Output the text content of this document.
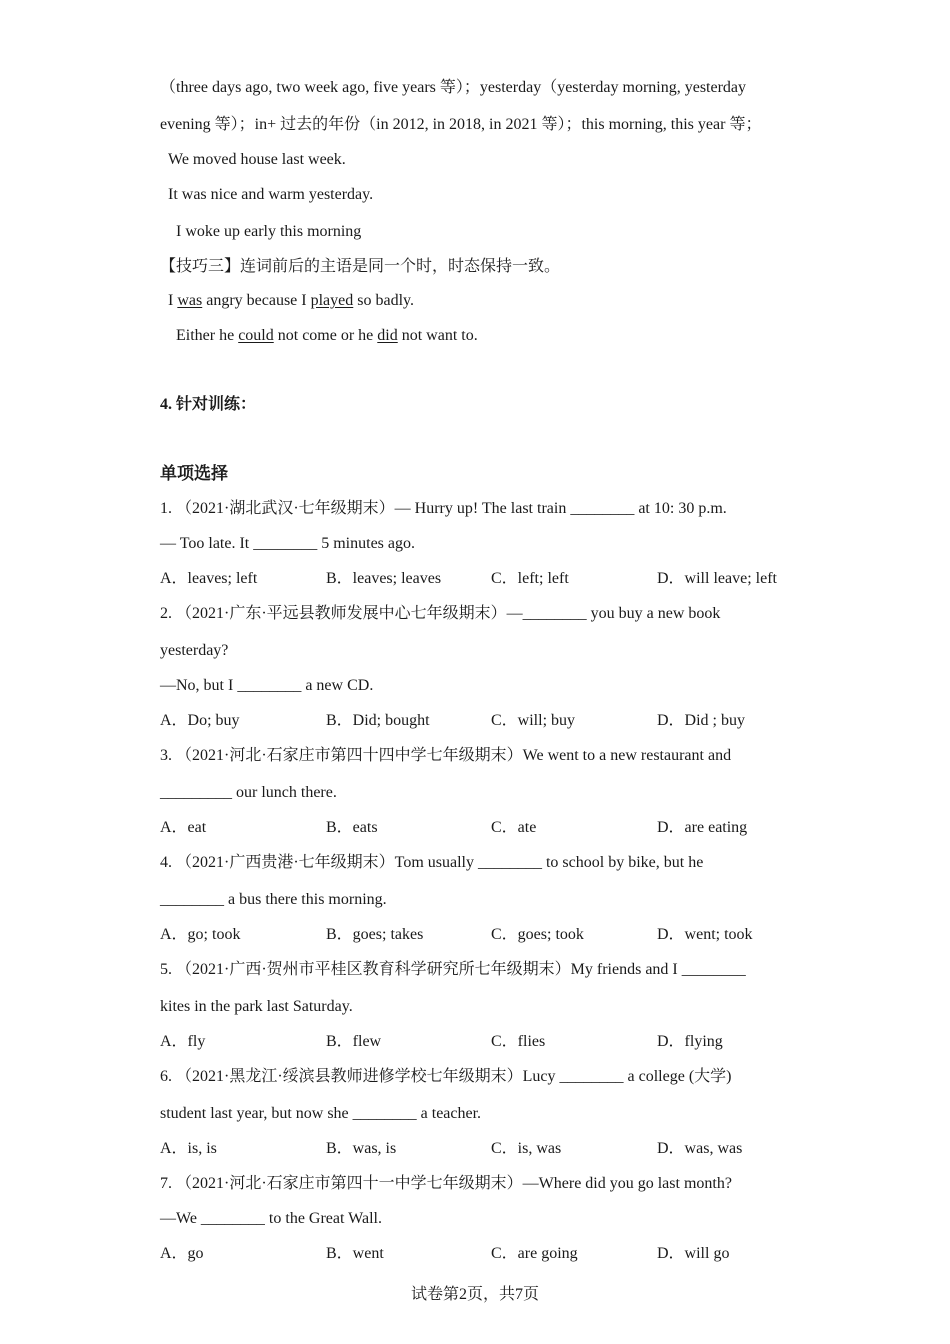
（three days ago, two week ago, five years 等）；yesterday（yesterday morning, yesterday
evening 等）；in+ 过去的年份（in 2012, in 2018, in 2021 等）；this morning, this year 等；
We moved house last week.
It was nice and warm yesterday.
I woke up early this morning
【技巧三】连词前后的主语是同一个时，时态保持一致。
I was angry because I played so badly.
Either he could not come or he did not want to.
4. 针对训练：
单项选择
1. （2021·湖北武汉·七年级期末）— Hurry up! The last train ________ at 10: 30 p.m.
— Too late. It ________ 5 minutes ago.
A．leaves; left	B．leaves; leaves	C．left; left	D．will leave; left
2. （2021·广东·平远县教师发展中心七年级期末）—________ you buy a new book
yesterday?
—No, but I ________ a new CD.
A．Do; buy	B．Did; bought	C．will; buy	D．Did ; buy
3. （2021·河北·石家庄市第四十四中学七年级期末）We went to a new restaurant and
_________ our lunch there.
A．eat	B．eats	C．ate	D．are eating
4. （2021·广西贵港·七年级期末）Tom usually ________ to school by bike, but he
________ a bus there this morning.
A．go; took	B．goes; takes	C．goes; took	D．went; took
5. （2021·广西·贺州市平桂区教育科学研究所七年级期末）My friends and I ________
kites in the park last Saturday.
A．fly	B．flew	C．flies	D．flying
6. （2021·黑龙江·绥滨县教师进修学校七年级期末）Lucy ________ a college (大学)
student last year, but now she ________ a teacher.
A．is, is	B．was, is	C．is, was	D．was, was
7. （2021·河北·石家庄市第四十一中学七年级期末）—Where did you go last month?
—We ________ to the Great Wall.
A．go	B．went	C．are going	D．will go
试卷第2页，共7页
